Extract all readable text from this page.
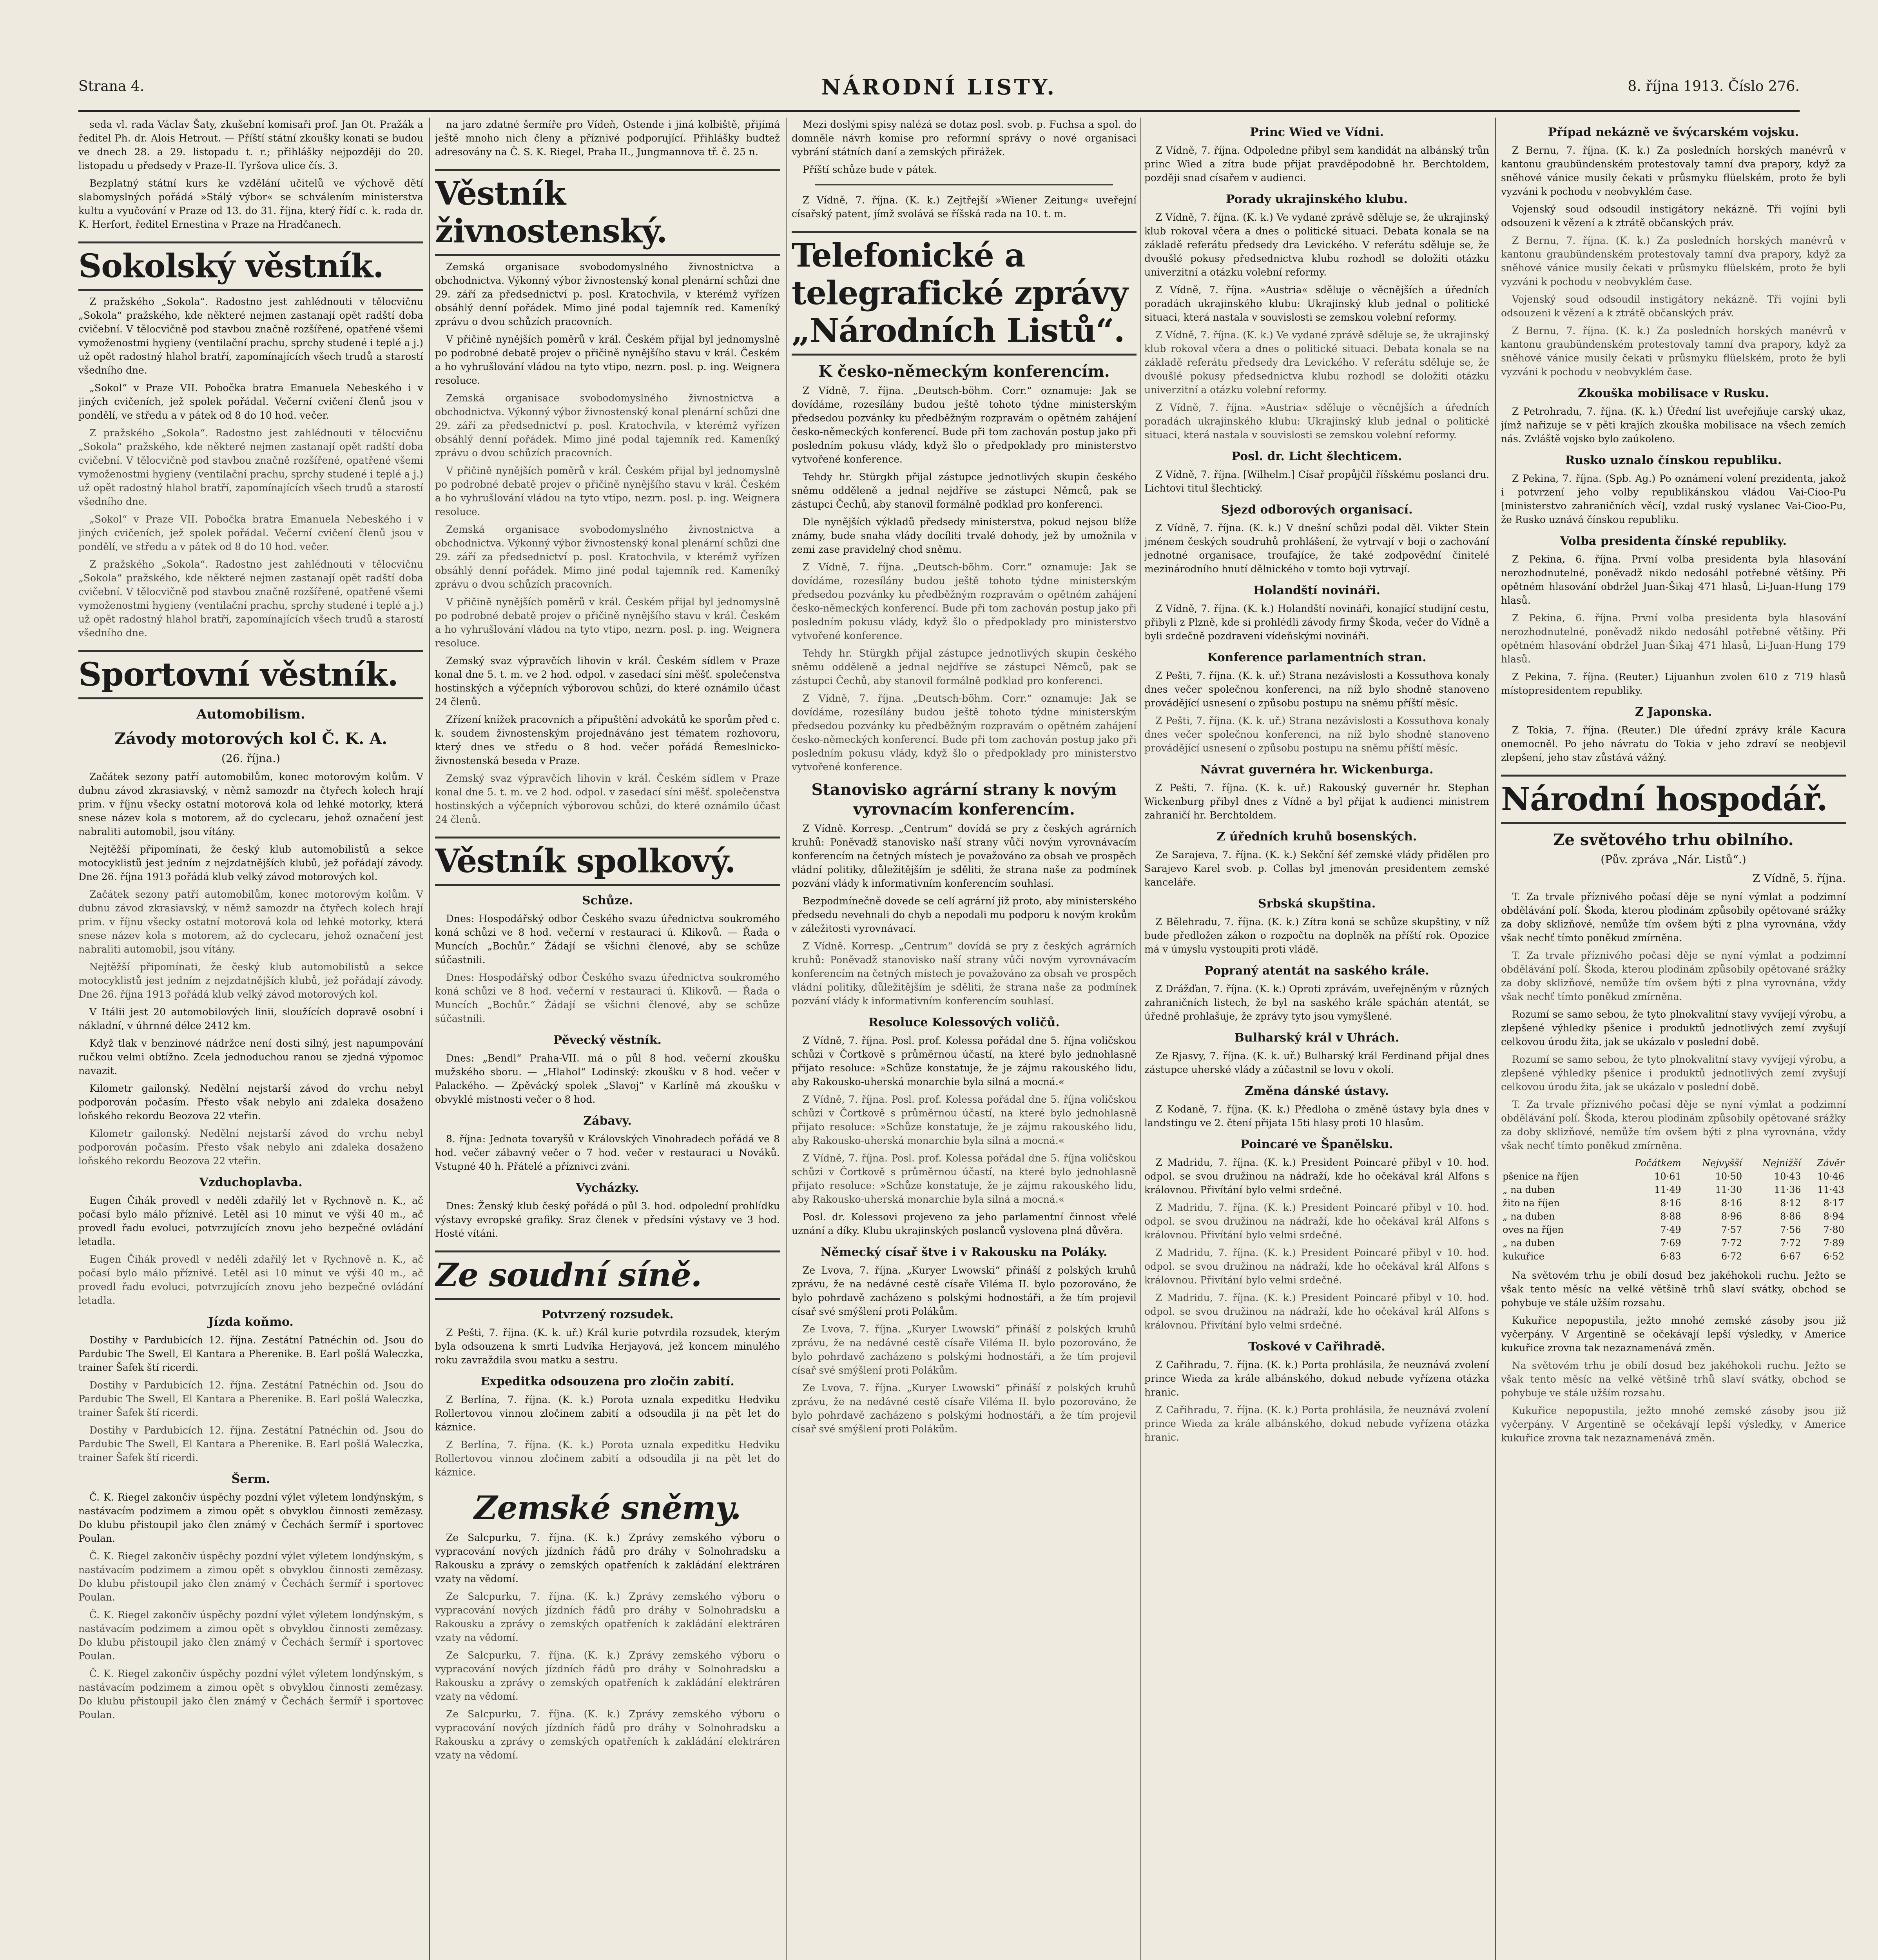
Strana 4.	NÁRODNÍ LISTY.	8. října 1913. Číslo 276.

seda vl. rada Václav Šaty, zkušební komisaři prof. Jan Ot. Pražák a ředitel Ph. dr. Alois Hetrout. — Příští státní zkoušky konati se budou ve dnech 28. a 29. listopadu t. r.; přihlášky nejpozději do 20. listopadu u předsedy v Praze-II. Tyršova ulice čís. 3.

Bezplatný státní kurs ke vzdělání učitelů ve výchově dětí slabomyslných pořádá »Stálý výbor« se schválením ministerstva kultu a vyučování v Praze od 13. do 31. října, který řídí c. k. rada dr. K. Herfort, ředitel Ernestina v Praze na Hradčanech.

Sokolský věstník.

Z pražského „Sokola“. Radostno jest zahlédnouti v tělocvičnu „Sokola“ pražského, kde některé nejmen zastanají opět radští doba cvičební. V tělocvičně pod stavbou značně rozšířené, opatřené všemi vymoženostmi hygieny (ventilační prachu, sprchy studené i teplé a j.) už opět radostný hlahol bratří, zapomínajících všech trudů a starostí všedního dne.

„Sokol“ v Praze VII. Pobočka bratra Emanuela Nebeského i v jiných cvičeních, jež spolek pořádal. Večerní cvičení členů jsou v pondělí, ve středu a v pátek od 8 do 10 hod. večer.

Z pražského „Sokola“. Radostno jest zahlédnouti v tělocvičnu „Sokola“ pražského, kde některé nejmen zastanají opět radští doba cvičební. V tělocvičně pod stavbou značně rozšířené, opatřené všemi vymoženostmi hygieny (ventilační prachu, sprchy studené i teplé a j.) už opět radostný hlahol bratří, zapomínajících všech trudů a starostí všedního dne.

„Sokol“ v Praze VII. Pobočka bratra Emanuela Nebeského i v jiných cvičeních, jež spolek pořádal. Večerní cvičení členů jsou v pondělí, ve středu a v pátek od 8 do 10 hod. večer.

Z pražského „Sokola“. Radostno jest zahlédnouti v tělocvičnu „Sokola“ pražského, kde některé nejmen zastanají opět radští doba cvičební. V tělocvičně pod stavbou značně rozšířené, opatřené všemi vymoženostmi hygieny (ventilační prachu, sprchy studené i teplé a j.) už opět radostný hlahol bratří, zapomínajících všech trudů a starostí všedního dne.

Sportovní věstník.
Automobilism.
Závody motorových kol Č. K. A.
(26. října.)

Začátek sezony patří automobilům, konec motorovým kolům. V dubnu závod zkrasiavský, v němž samozdr na čtyřech kolech hrají prim. v říjnu všecky ostatní motorová kola od lehké motorky, která snese název kola s motorem, až do cyclecaru, jehož označení jest nabraliti automobil, jsou vítány.

Nejtěžší připomínati, že český klub automobilistů a sekce motocyklistů jest jedním z nejzdatnějších klubů, jež pořádají závody. Dne 26. října 1913 pořádá klub velký závod motorových kol.

Začátek sezony patří automobilům, konec motorovým kolům. V dubnu závod zkrasiavský, v němž samozdr na čtyřech kolech hrají prim. v říjnu všecky ostatní motorová kola od lehké motorky, která snese název kola s motorem, až do cyclecaru, jehož označení jest nabraliti automobil, jsou vítány.

Nejtěžší připomínati, že český klub automobilistů a sekce motocyklistů jest jedním z nejzdatnějších klubů, jež pořádají závody. Dne 26. října 1913 pořádá klub velký závod motorových kol.

V Itálii jest 20 automobilových linii, sloužících dopravě osobní i nákladní, v úhrnné délce 2412 km.

Když tlak v benzinové nádržce není dosti silný, jest napumpování ručkou velmi obtížno. Zcela jednoduchou ranou se zjedná výpomoc navazit.

Kilometr gailonský. Nedělní nejstarší závod do vrchu nebyl podporován počasím. Přesto však nebylo ani zdaleka dosaženo loňského rekordu Beozova 22 vteřin.

Kilometr gailonský. Nedělní nejstarší závod do vrchu nebyl podporován počasím. Přesto však nebylo ani zdaleka dosaženo loňského rekordu Beozova 22 vteřin.

Vzduchoplavba.

Eugen Čihák provedl v neděli zdařilý let v Rychnově n. K., ač počasí bylo málo příznivé. Letěl asi 10 minut ve výši 40 m., ač provedl řadu evoluci, potvrzujících znovu jeho bezpečné ovládání letadla.

Eugen Čihák provedl v neděli zdařilý let v Rychnově n. K., ač počasí bylo málo příznivé. Letěl asi 10 minut ve výši 40 m., ač provedl řadu evoluci, potvrzujících znovu jeho bezpečné ovládání letadla.

Jízda koňmo.

Dostihy v Pardubicích 12. října. Zestátní Patnéchin od. Jsou do Pardubic The Swell, El Kantara a Pherenike. B. Earl pošlá Waleczka, trainer Šafek ští ricerdi.

Dostihy v Pardubicích 12. října. Zestátní Patnéchin od. Jsou do Pardubic The Swell, El Kantara a Pherenike. B. Earl pošlá Waleczka, trainer Šafek ští ricerdi.

Dostihy v Pardubicích 12. října. Zestátní Patnéchin od. Jsou do Pardubic The Swell, El Kantara a Pherenike. B. Earl pošlá Waleczka, trainer Šafek ští ricerdi.

Šerm.

Č. K. Riegel zakončiv úspěchy pozdní výlet výletem londýnským, s nastávacím podzimem a zimou opět s obvyklou činnosti zemězasy. Do klubu přistoupil jako člen známý v Čechách šermíř i sportovec Poulan.

Č. K. Riegel zakončiv úspěchy pozdní výlet výletem londýnským, s nastávacím podzimem a zimou opět s obvyklou činnosti zemězasy. Do klubu přistoupil jako člen známý v Čechách šermíř i sportovec Poulan.

Č. K. Riegel zakončiv úspěchy pozdní výlet výletem londýnským, s nastávacím podzimem a zimou opět s obvyklou činnosti zemězasy. Do klubu přistoupil jako člen známý v Čechách šermíř i sportovec Poulan.

Č. K. Riegel zakončiv úspěchy pozdní výlet výletem londýnským, s nastávacím podzimem a zimou opět s obvyklou činnosti zemězasy. Do klubu přistoupil jako člen známý v Čechách šermíř i sportovec Poulan.

na jaro zdatné šermíře pro Vídeň, Ostende i jiná kolbiště, přijímá ještě mnoho nich členy a příznivé podporující. Přihlášky budtež adresovány na Č. S. K. Riegel, Praha II., Jungmannova tř. č. 25 n.

Věstník živnostenský.

Zemská organisace svobodomyslného živnostnictva a obchodnictva. Výkonný výbor živnostenský konal plenární schůzi dne 29. září za předsednictví p. posl. Kratochvila, v kterémž vyřízen obsáhlý denní pořádek. Mimo jiné podal tajemník red. Kameníký zprávu o dvou schůzích pracovních.

V přičině nynějších poměrů v král. Českém přijal byl jednomyslně po podrobné debatě projev o přičině nynějšího stavu v král. Českém a ho vyhrušlování vládou na tyto vtipo, nezrn. posl. p. ing. Weignera resoluce.

Zemská organisace svobodomyslného živnostnictva a obchodnictva. Výkonný výbor živnostenský konal plenární schůzi dne 29. září za předsednictví p. posl. Kratochvila, v kterémž vyřízen obsáhlý denní pořádek. Mimo jiné podal tajemník red. Kameníký zprávu o dvou schůzích pracovních.

V přičině nynějších poměrů v král. Českém přijal byl jednomyslně po podrobné debatě projev o přičině nynějšího stavu v král. Českém a ho vyhrušlování vládou na tyto vtipo, nezrn. posl. p. ing. Weignera resoluce.

Zemská organisace svobodomyslného živnostnictva a obchodnictva. Výkonný výbor živnostenský konal plenární schůzi dne 29. září za předsednictví p. posl. Kratochvila, v kterémž vyřízen obsáhlý denní pořádek. Mimo jiné podal tajemník red. Kameníký zprávu o dvou schůzích pracovních.

V přičině nynějších poměrů v král. Českém přijal byl jednomyslně po podrobné debatě projev o přičině nynějšího stavu v král. Českém a ho vyhrušlování vládou na tyto vtipo, nezrn. posl. p. ing. Weignera resoluce.

Zemský svaz výpravčích lihovin v král. Českém sídlem v Praze konal dne 5. t. m. ve 2 hod. odpol. v zasedací síni měšť. společenstva hostinských a výčepních výborovou schůzi, do které oznámilo účast 24 členů.

Zřízení knížek pracovních a připuštění advokátů ke sporům před c. k. soudem živnostenským projednáváno jest tématem rozhovoru, který dnes ve středu o 8 hod. večer pořádá Řemeslnicko-živnostenská beseda v Praze.

Zemský svaz výpravčích lihovin v král. Českém sídlem v Praze konal dne 5. t. m. ve 2 hod. odpol. v zasedací síni měšť. společenstva hostinských a výčepních výborovou schůzi, do které oznámilo účast 24 členů.

Věstník spolkový.
Schůze.

Dnes: Hospodářský odbor Českého svazu úřednictva soukromého koná schůzi ve 8 hod. večerní v restauraci ú. Klikovů. — Řada o Muncích „Bochůr.“ Žádají se všichni členové, aby se schůze súčastnili.

Dnes: Hospodářský odbor Českého svazu úřednictva soukromého koná schůzi ve 8 hod. večerní v restauraci ú. Klikovů. — Řada o Muncích „Bochůr.“ Žádají se všichni členové, aby se schůze súčastnili.

Pěvecký věstník.

Dnes: „Bendl“ Praha-VII. má o půl 8 hod. večerní zkoušku mužského sboru. — „Hlahol“ Lodinský: zkoušku v 8 hod. večer v Palackého. — Zpěvácký spolek „Slavoj“ v Karlíně má zkoušku v obvyklé místnosti večer o 8 hod.

Zábavy.

8. října: Jednota tovaryšů v Královských Vinohradech pořádá ve 8 hod. večer zábavný večer o 7 hod. večer v restauraci u Nováků. Vstupné 40 h. Přátelé a příznivci zváni.

Vycházky.

Dnes: Ženský klub český pořádá o půl 3. hod. odpolední prohlídku výstavy evropské grafiky. Sraz členek v předsíni výstavy ve 3 hod. Hosté vítáni.

Ze soudní síně.
Potvrzený rozsudek.

Z Pešti, 7. října. (K. k. uř.) Král kurie potvrdila rozsudek, kterým byla odsouzena k smrti Ludvíka Herjayová, jež koncem minulého roku zavraždila svou matku a sestru.

Expeditka odsouzena pro zločin zabití.

Z Berlína, 7. října. (K. k.) Porota uznala expeditku Hedviku Rollertovou vinnou zločinem zabití a odsoudila ji na pět let do káznice.

Z Berlína, 7. října. (K. k.) Porota uznala expeditku Hedviku Rollertovou vinnou zločinem zabití a odsoudila ji na pět let do káznice.

Zemské sněmy.

Ze Salcpurku, 7. října. (K. k.) Zprávy zemského výboru o vypracování nových jízdních řádů pro dráhy v Solnohradsku a Rakousku a zprávy o zemských opatřeních k zakládání elektráren vzaty na vědomí.

Ze Salcpurku, 7. října. (K. k.) Zprávy zemského výboru o vypracování nových jízdních řádů pro dráhy v Solnohradsku a Rakousku a zprávy o zemských opatřeních k zakládání elektráren vzaty na vědomí.

Ze Salcpurku, 7. října. (K. k.) Zprávy zemského výboru o vypracování nových jízdních řádů pro dráhy v Solnohradsku a Rakousku a zprávy o zemských opatřeních k zakládání elektráren vzaty na vědomí.

Ze Salcpurku, 7. října. (K. k.) Zprávy zemského výboru o vypracování nových jízdních řádů pro dráhy v Solnohradsku a Rakousku a zprávy o zemských opatřeních k zakládání elektráren vzaty na vědomí.

Mezi doslými spisy nalézá se dotaz posl. svob. p. Fuchsa a spol. do domněle návrh komise pro reformní správy o nové organisaci vybrání státních daní a zemských přirážek.

Příští schůze bude v pátek.

Z Vídně, 7. října. (K. k.) Zejtřejší »Wiener Zeitung« uveřejní císařský patent, jímž svolává se říšská rada na 10. t. m.

Telefonické a telegrafické zprávy „Národních Listů“.
K česko-německým konferencím.

Z Vídně, 7. října. „Deutsch-böhm. Corr.“ oznamuje: Jak se dovídáme, rozesílány budou ještě tohoto týdne ministerským předsedou pozvánky ku předběžným rozpravám o opětném zahájení česko-německých konferencí. Bude při tom zachován postup jako při posledním pokusu vlády, když šlo o předpoklady pro ministerstvo vytvořené konference.

Tehdy hr. Stürgkh přijal zástupce jednotlivých skupin českého sněmu odděleně a jednal nejdříve se zástupci Němců, pak se zástupci Čechů, aby stanovil formálně podklad pro konferenci.

Dle nynějších výkladů předsedy ministerstva, pokud nejsou blíže známy, bude snaha vlády docíliti trvalé dohody, jež by umožnila v zemi zase pravidelný chod sněmu.

Z Vídně, 7. října. „Deutsch-böhm. Corr.“ oznamuje: Jak se dovídáme, rozesílány budou ještě tohoto týdne ministerským předsedou pozvánky ku předběžným rozpravám o opětném zahájení česko-německých konferencí. Bude při tom zachován postup jako při posledním pokusu vlády, když šlo o předpoklady pro ministerstvo vytvořené konference.

Tehdy hr. Stürgkh přijal zástupce jednotlivých skupin českého sněmu odděleně a jednal nejdříve se zástupci Němců, pak se zástupci Čechů, aby stanovil formálně podklad pro konferenci.

Z Vídně, 7. října. „Deutsch-böhm. Corr.“ oznamuje: Jak se dovídáme, rozesílány budou ještě tohoto týdne ministerským předsedou pozvánky ku předběžným rozpravám o opětném zahájení česko-německých konferencí. Bude při tom zachován postup jako při posledním pokusu vlády, když šlo o předpoklady pro ministerstvo vytvořené konference.

Stanovisko agrární strany k novým vyrovnacím konferencím.

Z Vídně. Korresp. „Centrum“ dovídá se pry z českých agrárních kruhů: Poněvadž stanovisko naší strany vůči novým vyrovnávacím konferencím na četných místech je považováno za obsah ve prospěch vládní politiky, důležitějším je sděliti, že strana naše za podmínek pozvání vlády k informativním konferencím souhlasí.

Bezpodmínečně dovede se celí agrární již proto, aby ministerského předsedu nevehnali do chyb a nepodali mu podporu k novým krokům v záležitosti vyrovnávací.

Z Vídně. Korresp. „Centrum“ dovídá se pry z českých agrárních kruhů: Poněvadž stanovisko naší strany vůči novým vyrovnávacím konferencím na četných místech je považováno za obsah ve prospěch vládní politiky, důležitějším je sděliti, že strana naše za podmínek pozvání vlády k informativním konferencím souhlasí.

Resoluce Kolessových voličů.

Z Vídně, 7. října. Posl. prof. Kolessa pořádal dne 5. října voličskou schůzi v Čortkově s průměrnou účastí, na které bylo jednohlasně přijato resoluce: »Schůze konstatuje, že je zájmu rakouského lidu, aby Rakousko-uherská monarchie byla silná a mocná.«

Z Vídně, 7. října. Posl. prof. Kolessa pořádal dne 5. října voličskou schůzi v Čortkově s průměrnou účastí, na které bylo jednohlasně přijato resoluce: »Schůze konstatuje, že je zájmu rakouského lidu, aby Rakousko-uherská monarchie byla silná a mocná.«

Z Vídně, 7. října. Posl. prof. Kolessa pořádal dne 5. října voličskou schůzi v Čortkově s průměrnou účastí, na které bylo jednohlasně přijato resoluce: »Schůze konstatuje, že je zájmu rakouského lidu, aby Rakousko-uherská monarchie byla silná a mocná.«

Posl. dr. Kolessovi projeveno za jeho parlamentní činnost vřelé uznání a díky. Klubu ukrajinských poslanců vyslovena plná důvěra.

Německý císař štve i v Rakousku na Poláky.

Ze Lvova, 7. října. „Kuryer Lwowski“ přináší z polských kruhů zprávu, že na nedávné cestě císaře Viléma II. bylo pozorováno, že bylo pohrdavě zacházeno s polskými hodnostáři, a že tím projevil císař své smýšlení proti Polákům.

Ze Lvova, 7. října. „Kuryer Lwowski“ přináší z polských kruhů zprávu, že na nedávné cestě císaře Viléma II. bylo pozorováno, že bylo pohrdavě zacházeno s polskými hodnostáři, a že tím projevil císař své smýšlení proti Polákům.

Ze Lvova, 7. října. „Kuryer Lwowski“ přináší z polských kruhů zprávu, že na nedávné cestě císaře Viléma II. bylo pozorováno, že bylo pohrdavě zacházeno s polskými hodnostáři, a že tím projevil císař své smýšlení proti Polákům.

Princ Wied ve Vídni.

Z Vídně, 7. října. Odpoledne přibyl sem kandidát na albánský trůn princ Wied a zítra bude přijat pravděpodobně hr. Berchtoldem, později snad císařem v audienci.

Porady ukrajinského klubu.

Z Vídně, 7. října. (K. k.) Ve vydané zprávě sděluje se, že ukrajinský klub rokoval včera a dnes o politické situaci. Debata konala se na základě referátu předsedy dra Levického. V referátu sděluje se, že dvoušlé pokusy předsednictva klubu rozhodl se doložiti otázku univerzitní a otázku volební reformy.

Z Vídně, 7. října. »Austria« sděluje o věcnějších a úředních poradách ukrajinského klubu: Ukrajinský klub jednal o politické situaci, která nastala v souvislosti se zemskou volební reformy.

Z Vídně, 7. října. (K. k.) Ve vydané zprávě sděluje se, že ukrajinský klub rokoval včera a dnes o politické situaci. Debata konala se na základě referátu předsedy dra Levického. V referátu sděluje se, že dvoušlé pokusy předsednictva klubu rozhodl se doložiti otázku univerzitní a otázku volební reformy.

Z Vídně, 7. října. »Austria« sděluje o věcnějších a úředních poradách ukrajinského klubu: Ukrajinský klub jednal o politické situaci, která nastala v souvislosti se zemskou volební reformy.

Posl. dr. Licht šlechticem.

Z Vídně, 7. října. [Wilhelm.] Císař propůjčil říšskému poslanci dru. Lichtovi titul šlechtický.

Sjezd odborových organisací.

Z Vídně, 7. října. (K. k.) V dnešní schůzi podal děl. Vikter Stein jménem českých soudruhů prohlášení, že vytrvají v boji o zachování jednotné organisace, troufajíce, že také zodpovědní činitelé mezinárodního hnutí dělnického v tomto boji vytrvají.

Holandští novináři.

Z Vídně, 7. října. (K. k.) Holandští novináři, konající studijní cestu, přibyli z Plzně, kde si prohlédli závody firmy Škoda, večer do Vídně a byli srdečně pozdraveni vídeňskými novináři.

Konference parlamentních stran.

Z Pešti, 7. října. (K. k. uř.) Strana nezávislosti a Kossuthova konaly dnes večer společnou konferenci, na níž bylo shodně stanoveno provádějící usnesení o způsobu postupu na sněmu příští měsíc.

Z Pešti, 7. října. (K. k. uř.) Strana nezávislosti a Kossuthova konaly dnes večer společnou konferenci, na níž bylo shodně stanoveno provádějící usnesení o způsobu postupu na sněmu příští měsíc.

Návrat guvernéra hr. Wickenburga.

Z Pešti, 7. října. (K. k. uř.) Rakouský guvernér hr. Stephan Wickenburg přibyl dnes z Vídně a byl přijat k audienci ministrem zahraničí hr. Berchtoldem.

Z úředních kruhů bosenských.

Ze Sarajeva, 7. října. (K. k.) Sekční šéf zemské vlády přidělen pro Sarajevo Karel svob. p. Collas byl jmenován presidentem zemské kanceláře.

Srbská skupština.

Z Bělehradu, 7. října. (K. k.) Zítra koná se schůze skupštiny, v níž bude předložen zákon o rozpočtu na doplněk na příští rok. Opozice má v úmyslu vystoupiti proti vládě.

Popraný atentát na saského krále.

Z Drážďan, 7. října. (K. k.) Oproti zprávám, uveřejněným v různých zahraničních listech, že byl na saského krále spáchán atentát, se úředně prohlašuje, že zprávy tyto jsou vymyšlené.

Bulharský král v Uhrách.

Ze Rjasvy, 7. října. (K. k. uř.) Bulharský král Ferdinand přijal dnes zástupce uherské vlády a zúčastnil se lovu v okolí.

Změna dánské ústavy.

Z Kodaně, 7. října. (K. k.) Předloha o změně ústavy byla dnes v landstingu ve 2. čtení přijata 15ti hlasy proti 10 hlasům.

Poincaré ve Španělsku.

Z Madridu, 7. října. (K. k.) President Poincaré přibyl v 10. hod. odpol. se svou družinou na nádraží, kde ho očekával král Alfons s královnou. Přivítání bylo velmi srdečné.

Z Madridu, 7. října. (K. k.) President Poincaré přibyl v 10. hod. odpol. se svou družinou na nádraží, kde ho očekával král Alfons s královnou. Přivítání bylo velmi srdečné.

Z Madridu, 7. října. (K. k.) President Poincaré přibyl v 10. hod. odpol. se svou družinou na nádraží, kde ho očekával král Alfons s královnou. Přivítání bylo velmi srdečné.

Z Madridu, 7. října. (K. k.) President Poincaré přibyl v 10. hod. odpol. se svou družinou na nádraží, kde ho očekával král Alfons s královnou. Přivítání bylo velmi srdečné.

Toskové v Cařihradě.

Z Cařihradu, 7. října. (K. k.) Porta prohlásila, že neuznává zvolení prince Wieda za krále albánského, dokud nebude vyřízena otázka hranic.

Z Cařihradu, 7. října. (K. k.) Porta prohlásila, že neuznává zvolení prince Wieda za krále albánského, dokud nebude vyřízena otázka hranic.

Případ nekázně ve švýcarském vojsku.

Z Bernu, 7. října. (K. k.) Za posledních horských manévrů v kantonu graubündenském protestovaly tamní dva prapory, když za sněhové vánice musily čekati v průsmyku flüelském, proto že byli vyzváni k pochodu v neobvyklém čase.

Vojenský soud odsoudil instigátory nekázně. Tři vojíni byli odsouzeni k vězení a k ztrátě občanských práv.

Z Bernu, 7. října. (K. k.) Za posledních horských manévrů v kantonu graubündenském protestovaly tamní dva prapory, když za sněhové vánice musily čekati v průsmyku flüelském, proto že byli vyzváni k pochodu v neobvyklém čase.

Vojenský soud odsoudil instigátory nekázně. Tři vojíni byli odsouzeni k vězení a k ztrátě občanských práv.

Z Bernu, 7. října. (K. k.) Za posledních horských manévrů v kantonu graubündenském protestovaly tamní dva prapory, když za sněhové vánice musily čekati v průsmyku flüelském, proto že byli vyzváni k pochodu v neobvyklém čase.

Zkouška mobilisace v Rusku.

Z Petrohradu, 7. října. (K. k.) Úřední list uveřejňuje carský ukaz, jímž nařizuje se v pěti krajích zkouška mobilisace na všech zemích nás. Zvláště vojsko bylo zaúkoleno.

Rusko uznalo čínskou republiku.

Z Pekina, 7. října. (Spb. Ag.) Po oznámení volení prezidenta, jakož i potvrzení jeho volby republikánskou vládou Vai-Cioo-Pu [ministerstvo zahraničních věcí], vzdal ruský vyslanec Vai-Cioo-Pu, že Rusko uznává čínskou republiku.

Volba presidenta čínské republiky.

Z Pekina, 6. října. První volba presidenta byla hlasování nerozhodnutelné, poněvadž nikdo nedosáhl potřebné většiny. Při opětném hlasování obdržel Juan-Šikaj 471 hlasů, Li-Juan-Hung 179 hlasů.

Z Pekina, 6. října. První volba presidenta byla hlasování nerozhodnutelné, poněvadž nikdo nedosáhl potřebné většiny. Při opětném hlasování obdržel Juan-Šikaj 471 hlasů, Li-Juan-Hung 179 hlasů.

Z Pekina, 7. října. (Reuter.) Lijuanhun zvolen 610 z 719 hlasů místopresidentem republiky.

Z Japonska.

Z Tokia, 7. října. (Reuter.) Dle úřední zprávy krále Kacura onemocněl. Po jeho návratu do Tokia v jeho zdraví se neobjevil zlepšení, jeho stav zůstává vážný.

Národní hospodář.
Ze světového trhu obilního.
(Pův. zpráva „Nár. Listů“.)
Z Vídně, 5. října.

T. Za trvale příznivého počasí děje se nyní výmlat a podzimní obdělávání polí. Škoda, kterou plodinám způsobily opětované srážky za doby sklizňové, nemůže tím ovšem býti z plna vyrovnána, vždy však nechť tímto poněkud zmírněna.

T. Za trvale příznivého počasí děje se nyní výmlat a podzimní obdělávání polí. Škoda, kterou plodinám způsobily opětované srážky za doby sklizňové, nemůže tím ovšem býti z plna vyrovnána, vždy však nechť tímto poněkud zmírněna.

Rozumí se samo sebou, že tyto plnokvalitní stavy vyvíjejí výrobu, a zlepšené výhledky pšenice i produktů jednotlivých zemí zvyšují celkovou úrodu žita, jak se ukázalo v poslední době.

Rozumí se samo sebou, že tyto plnokvalitní stavy vyvíjejí výrobu, a zlepšené výhledky pšenice i produktů jednotlivých zemí zvyšují celkovou úrodu žita, jak se ukázalo v poslední době.

T. Za trvale příznivého počasí děje se nyní výmlat a podzimní obdělávání polí. Škoda, kterou plodinám způsobily opětované srážky za doby sklizňové, nemůže tím ovšem býti z plna vyrovnána, vždy však nechť tímto poněkud zmírněna.

	Počátkem	Nejvyšší	Nejnižší	Závěr
pšenice na říjen	10·61	10·50	10·43	10·46
„ na duben	11·49	11·30	11·36	11·43
žito na říjen	8·16	8·16	8·12	8·17
„ na duben	8·88	8·96	8·86	8·94
oves na říjen	7·49	7·57	7·56	7·80
„ na duben	7·69	7·72	7·72	7·89
kukuřice	6·83	6·72	6·67	6·52

Na světovém trhu je obilí dosud bez jakéhokoli ruchu. Ježto se však tento měsíc na velké většině trhů slaví svátky, obchod se pohybuje ve stále užším rozsahu.

Kukuřice nepopustila, ježto mnohé zemské zásoby jsou již vyčerpány. V Argentině se očekávají lepší výsledky, v Americe kukuřice zrovna tak nezaznamenává změn.

Na světovém trhu je obilí dosud bez jakéhokoli ruchu. Ježto se však tento měsíc na velké většině trhů slaví svátky, obchod se pohybuje ve stále užším rozsahu.

Kukuřice nepopustila, ježto mnohé zemské zásoby jsou již vyčerpány. V Argentině se očekávají lepší výsledky, v Americe kukuřice zrovna tak nezaznamenává změn.
